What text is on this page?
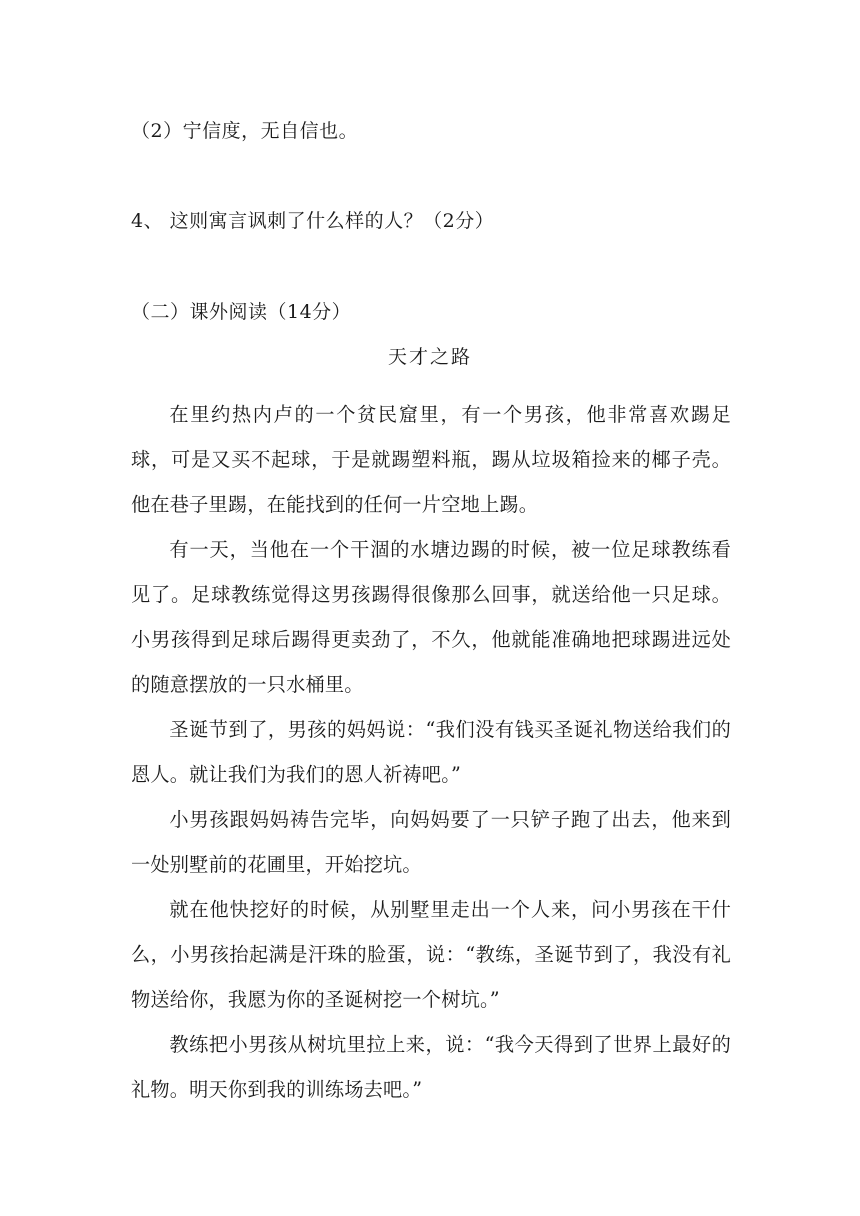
（2）宁信度，无自信也。
4、 这则寓言讽刺了什么样的人？（2分）
（二）课外阅读（14分）
天才之路
在里约热内卢的一个贫民窟里，有一个男孩，他非常喜欢踢足球，可是又买不起球，于是就踢塑料瓶，踢从垃圾箱捡来的椰子壳。他在巷子里踢，在能找到的任何一片空地上踢。
有一天，当他在一个干涸的水塘边踢的时候，被一位足球教练看见了。足球教练觉得这男孩踢得很像那么回事，就送给他一只足球。小男孩得到足球后踢得更卖劲了，不久，他就能准确地把球踢进远处的随意摆放的一只水桶里。
圣诞节到了，男孩的妈妈说：“我们没有钱买圣诞礼物送给我们的恩人。就让我们为我们的恩人祈祷吧。”
小男孩跟妈妈祷告完毕，向妈妈要了一只铲子跑了出去，他来到一处别墅前的花圃里，开始挖坑。
就在他快挖好的时候，从别墅里走出一个人来，问小男孩在干什么，小男孩抬起满是汗珠的脸蛋，说：“教练，圣诞节到了，我没有礼物送给你，我愿为你的圣诞树挖一个树坑。”
教练把小男孩从树坑里拉上来，说：“我今天得到了世界上最好的礼物。明天你到我的训练场去吧。”
